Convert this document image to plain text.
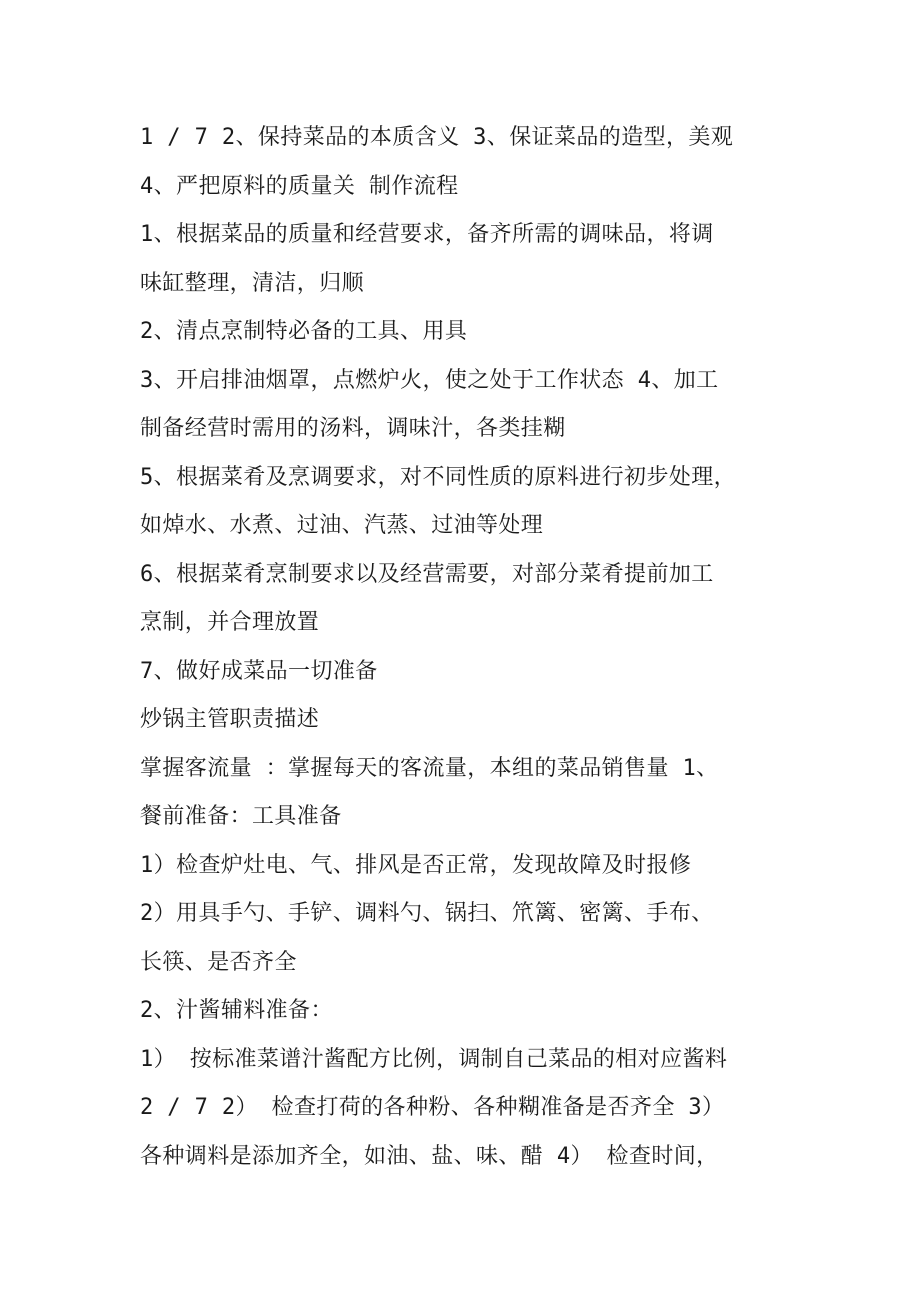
1 / 7 2、保持菜品的本质含义 3、保证菜品的造型，美观
4、严把原料的质量关 制作流程
1、根据菜品的质量和经营要求，备齐所需的调味品，将调
味缸整理，清洁，归顺
2、清点烹制特必备的工具、用具
3、开启排油烟罩，点燃炉火，使之处于工作状态 4、加工
制备经营时需用的汤料，调味汁，各类挂糊
5、根据菜肴及烹调要求，对不同性质的原料进行初步处理，
如焯水、水煮、过油、汽蒸、过油等处理
6、根据菜肴烹制要求以及经营需要，对部分菜肴提前加工
烹制，并合理放置
7、做好成菜品一切准备
炒锅主管职责描述
掌握客流量 ：掌握每天的客流量，本组的菜品销售量 1、
餐前准备：工具准备
1）检查炉灶电、气、排风是否正常，发现故障及时报修
2）用具手勺、手铲、调料勺、锅扫、笊篱、密篱、手布、
长筷、是否齐全
2、汁酱辅料准备：
1） 按标准菜谱汁酱配方比例，调制自己菜品的相对应酱料
2 / 7 2） 检查打荷的各种粉、各种糊准备是否齐全 3）
各种调料是添加齐全，如油、盐、味、醋 4） 检查时间，
